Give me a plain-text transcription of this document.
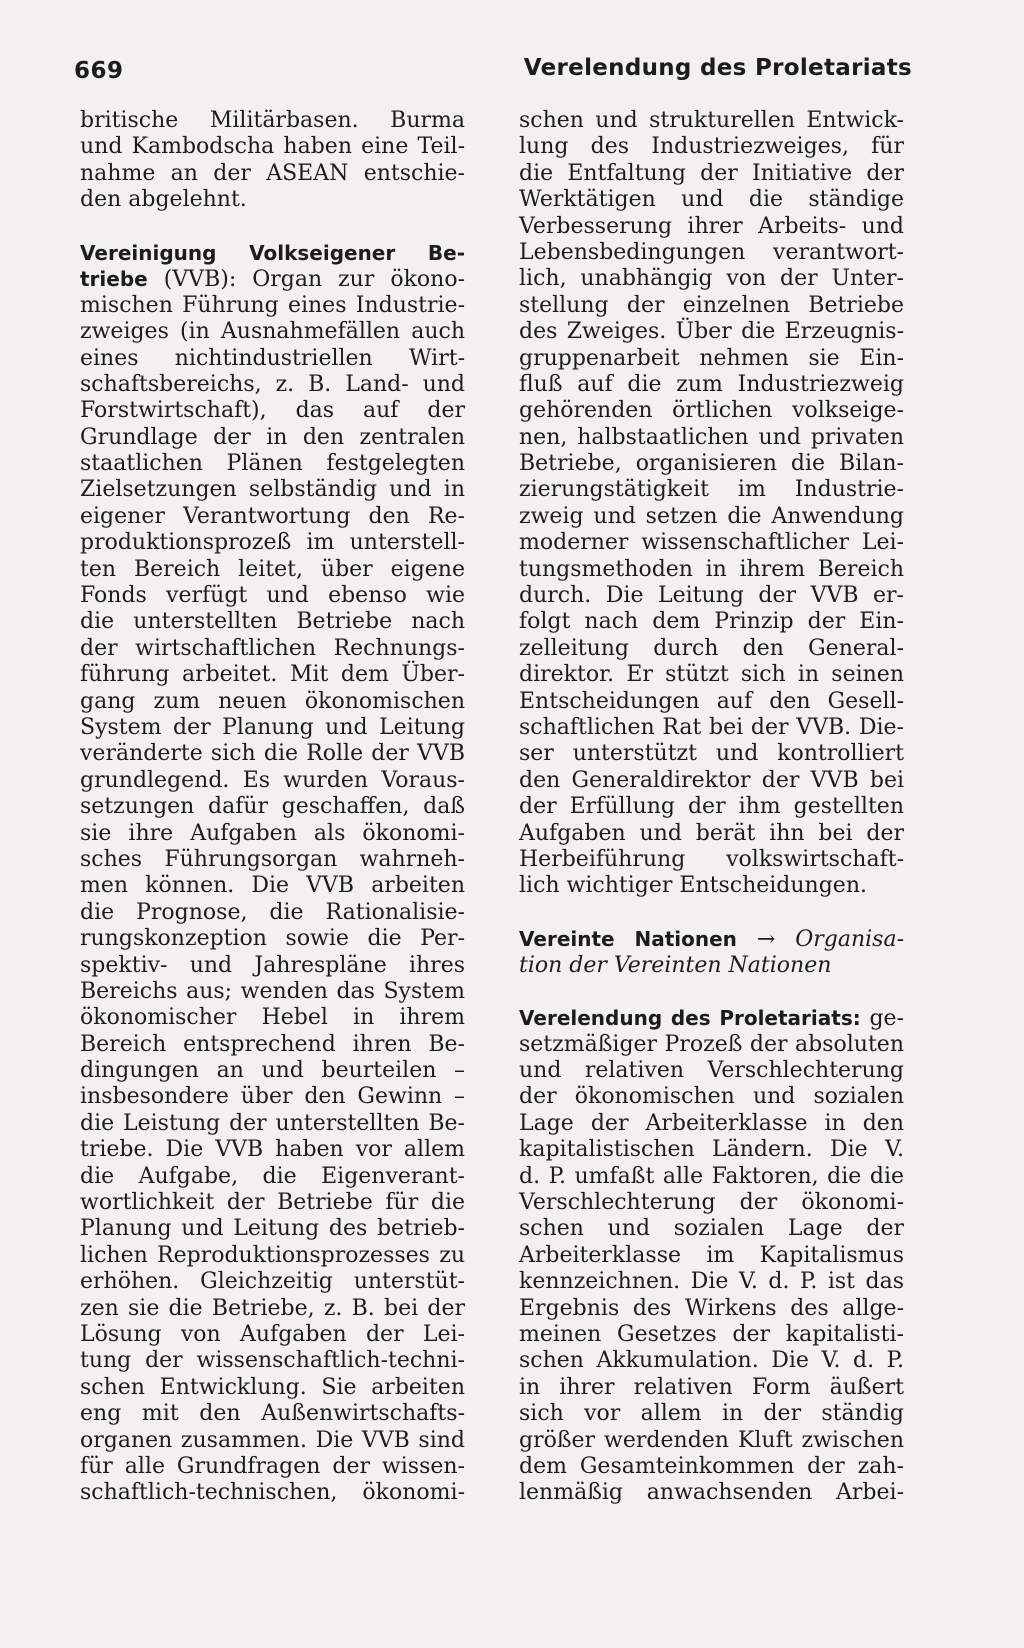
669	Verelendung des Proletariats
britische Militärbasen. Burma
und Kambodscha haben eine Teil-
nahme an der ASEAN entschie-
den abgelehnt.
Vereinigung Volkseigener Be-
triebe (VVB): Organ zur ökono-
mischen Führung eines Industrie-
zweiges (in Ausnahmefällen auch
eines nichtindustriellen Wirt-
schaftsbereichs, z. B. Land- und
Forstwirtschaft), das auf der
Grundlage der in den zentralen
staatlichen Plänen festgelegten
Zielsetzungen selbständig und in
eigener Verantwortung den Re-
produktionsprozeß im unterstell-
ten Bereich leitet, über eigene
Fonds verfügt und ebenso wie
die unterstellten Betriebe nach
der wirtschaftlichen Rechnungs-
führung arbeitet. Mit dem Über-
gang zum neuen ökonomischen
System der Planung und Leitung
veränderte sich die Rolle der VVB
grundlegend. Es wurden Voraus-
setzungen dafür geschaffen, daß
sie ihre Aufgaben als ökonomi-
sches Führungsorgan wahrneh-
men können. Die VVB arbeiten
die Prognose, die Rationalisie-
rungskonzeption sowie die Per-
spektiv- und Jahrespläne ihres
Bereichs aus; wenden das System
ökonomischer Hebel in ihrem
Bereich entsprechend ihren Be-
dingungen an und beurteilen –
insbesondere über den Gewinn –
die Leistung der unterstellten Be-
triebe. Die VVB haben vor allem
die Aufgabe, die Eigenverant-
wortlichkeit der Betriebe für die
Planung und Leitung des betrieb-
lichen Reproduktionsprozesses zu
erhöhen. Gleichzeitig unterstüt-
zen sie die Betriebe, z. B. bei der
Lösung von Aufgaben der Lei-
tung der wissenschaftlich-techni-
schen Entwicklung. Sie arbeiten
eng mit den Außenwirtschafts-
organen zusammen. Die VVB sind
für alle Grundfragen der wissen-
schaftlich-technischen, ökonomi-
schen und strukturellen Entwick-
lung des Industriezweiges, für
die Entfaltung der Initiative der
Werktätigen und die ständige
Verbesserung ihrer Arbeits- und
Lebensbedingungen verantwort-
lich, unabhängig von der Unter-
stellung der einzelnen Betriebe
des Zweiges. Über die Erzeugnis-
gruppenarbeit nehmen sie Ein-
fluß auf die zum Industriezweig
gehörenden örtlichen volkseige-
nen, halbstaatlichen und privaten
Betriebe, organisieren die Bilan-
zierungstätigkeit im Industrie-
zweig und setzen die Anwendung
moderner wissenschaftlicher Lei-
tungsmethoden in ihrem Bereich
durch. Die Leitung der VVB er-
folgt nach dem Prinzip der Ein-
zelleitung durch den General-
direktor. Er stützt sich in seinen
Entscheidungen auf den Gesell-
schaftlichen Rat bei der VVB. Die-
ser unterstützt und kontrolliert
den Generaldirektor der VVB bei
der Erfüllung der ihm gestellten
Aufgaben und berät ihn bei der
Herbeiführung volkswirtschaft-
lich wichtiger Entscheidungen.
Vereinte Nationen → Organisa-
tion der Vereinten Nationen
Verelendung des Proletariats: ge-
setzmäßiger Prozeß der absoluten
und relativen Verschlechterung
der ökonomischen und sozialen
Lage der Arbeiterklasse in den
kapitalistischen Ländern. Die V.
d. P. umfaßt alle Faktoren, die die
Verschlechterung der ökonomi-
schen und sozialen Lage der
Arbeiterklasse im Kapitalismus
kennzeichnen. Die V. d. P. ist das
Ergebnis des Wirkens des allge-
meinen Gesetzes der kapitalisti-
schen Akkumulation. Die V. d. P.
in ihrer relativen Form äußert
sich vor allem in der ständig
größer werdenden Kluft zwischen
dem Gesamteinkommen der zah-
lenmäßig anwachsenden Arbei-
